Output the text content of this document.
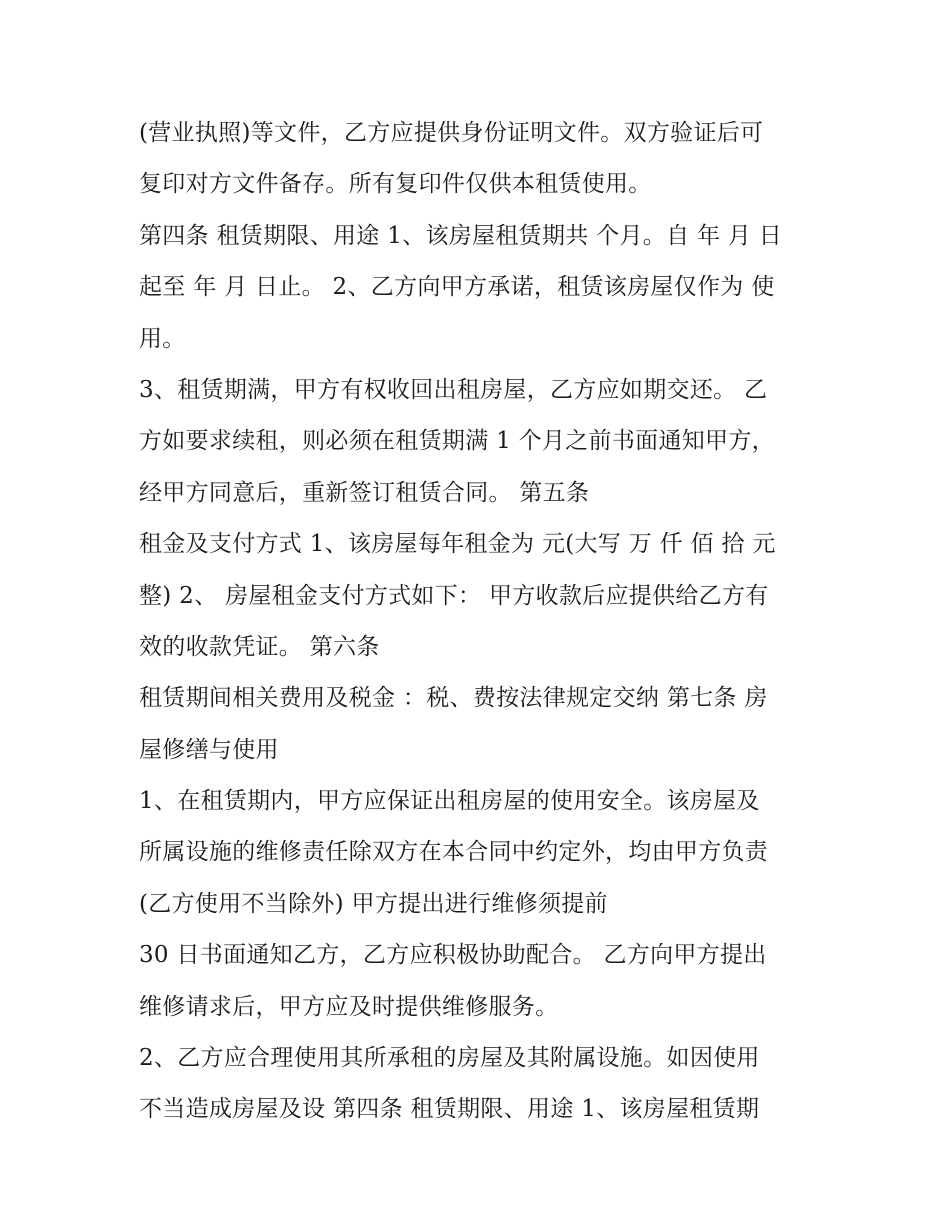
(营业执照)等文件，乙方应提供身份证明文件。双方验证后可
复印对方文件备存。所有复印件仅供本租赁使用。
第四条 租赁期限、用途 1、该房屋租赁期共 个月。自 年 月 日
起至 年 月 日止。 2、乙方向甲方承诺，租赁该房屋仅作为 使
用。
3、租赁期满，甲方有权收回出租房屋，乙方应如期交还。 乙
方如要求续租，则必须在租赁期满 1 个月之前书面通知甲方，
经甲方同意后，重新签订租赁合同。 第五条
租金及支付方式 1、该房屋每年租金为 元(大写 万 仟 佰 拾 元
整) 2、 房屋租金支付方式如下： 甲方收款后应提供给乙方有
效的收款凭证。 第六条
租赁期间相关费用及税金 ：税、费按法律规定交纳 第七条 房
屋修缮与使用
1、在租赁期内，甲方应保证出租房屋的使用安全。该房屋及
所属设施的维修责任除双方在本合同中约定外，均由甲方负责
(乙方使用不当除外) 甲方提出进行维修须提前
30 日书面通知乙方，乙方应积极协助配合。 乙方向甲方提出
维修请求后，甲方应及时提供维修服务。
2、乙方应合理使用其所承租的房屋及其附属设施。如因使用
不当造成房屋及设 第四条 租赁期限、用途 1、该房屋租赁期
